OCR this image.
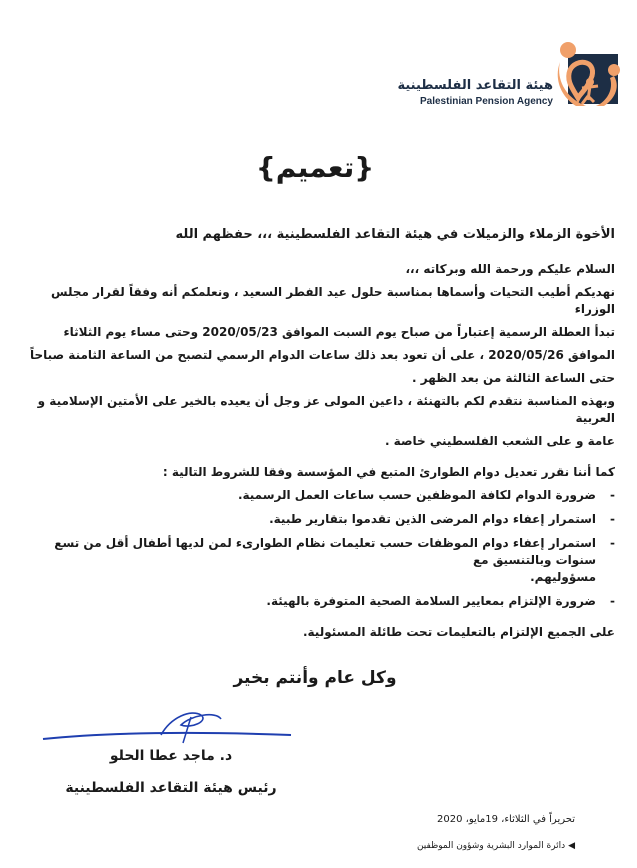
هيئة التقاعد الفلسطينية
Palestinian Pension Agency
{تعميم}
الأخوة الزملاء والزميلات في هيئة التقاعد الفلسطينية ،،، حفظهم الله
السلام عليكم ورحمة الله وبركاته ،،،
نهديكم أطيب التحيات وأسماها بمناسبة حلول عيد الفطر السعيد ، ونعلمكم أنه وفقاً لقرار مجلس الوزراء
تبدأ العطلة الرسمية إعتباراً من صباح يوم السبت الموافق 2020/05/23 وحتى مساء يوم الثلاثاء
الموافق 2020/05/26 ، على أن تعود بعد ذلك ساعات الدوام الرسمي لتصبح من الساعة الثامنة صباحاً
حتى الساعة الثالثة من بعد الظهر .
وبهذه المناسبة نتقدم لكم بالتهنئة ، داعين المولى عز وجل أن يعيده بالخير على الأمتين الإسلامية و العربية
عامة و على الشعب الفلسطيني خاصة .
كما أننا نقرر تعديل دوام الطوارئ المتبع في المؤسسة وفقا للشروط التالية :
-
ضرورة الدوام لكافة الموظفين حسب ساعات العمل الرسمية.
-
استمرار إعفاء دوام المرضى الذين تقدموا بتقارير طبية.
-
استمرار إعفاء دوام الموظفات حسب تعليمات نظام الطوارىء لمن لديها أطفال أقل من تسع سنوات وبالتنسيق مع
مسؤوليهم.
-
ضرورة الإلتزام بمعايير السلامة الصحية المتوفرة بالهيئة.
على الجميع الإلتزام بالتعليمات تحت طائلة المسئولية.
وكل عام وأنتم بخير
د. ماجد عطا الحلو
رئيس هيئة التقاعد الفلسطينية
تحريراً في الثلاثاء، 19مايو، 2020
◀ دائرة الموارد البشرية وشؤون الموظفين
